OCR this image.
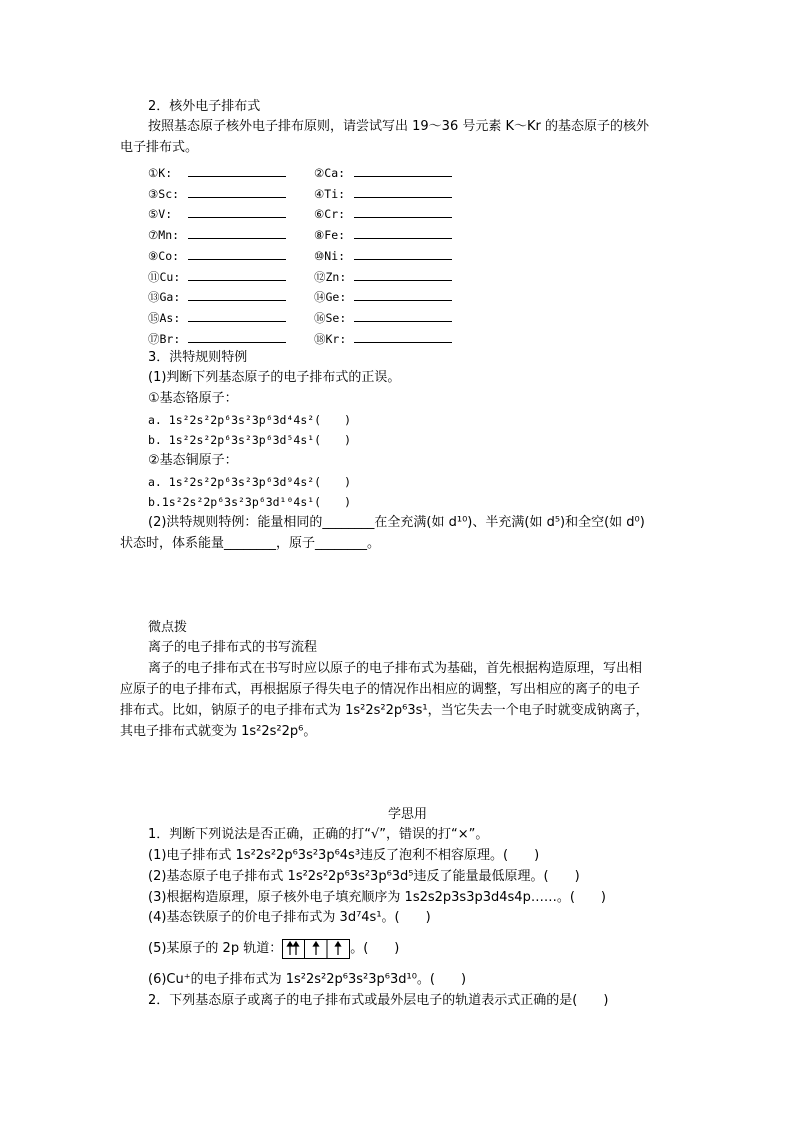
2．核外电子排布式
按照基态原子核外电子排布原则，请尝试写出 19～36 号元素 K～Kr 的基态原子的核外
电子排布式。
①K:	②Ca:
③Sc:	④Ti:
⑤V:	⑥Cr:
⑦Mn:	⑧Fe:
⑨Co:	⑩Ni:
⑪Cu:	⑫Zn:
⑬Ga:	⑭Ge:
⑮As:	⑯Se:
⑰Br:	⑱Kr:
3．洪特规则特例
(1)判断下列基态原子的电子排布式的正误。
①基态铬原子：
a. 1s²2s²2p⁶3s²3p⁶3d⁴4s²(　　)
b. 1s²2s²2p⁶3s²3p⁶3d⁵4s¹(　　)
②基态铜原子：
a. 1s²2s²2p⁶3s²3p⁶3d⁹4s²(　　)
b.1s²2s²2p⁶3s²3p⁶3d¹⁰4s¹(　　)
(2)洪特规则特例：能量相同的________在全充满(如 d¹⁰)、半充满(如 d⁵)和全空(如 d⁰)
状态时，体系能量________，原子________。
微点拨
离子的电子排布式的书写流程
离子的电子排布式在书写时应以原子的电子排布式为基础，首先根据构造原理，写出相
应原子的电子排布式，再根据原子得失电子的情况作出相应的调整，写出相应的离子的电子
排布式。比如，钠原子的电子排布式为 1s²2s²2p⁶3s¹，当它失去一个电子时就变成钠离子，
其电子排布式就变为 1s²2s²2p⁶。
学思用
1．判断下列说法是否正确，正确的打“√”，错误的打“×”。
(1)电子排布式 1s²2s²2p⁶3s²3p⁶4s³违反了泡利不相容原理。(　　)
(2)基态原子电子排布式 1s²2s²2p⁶3s²3p⁶3d⁵违反了能量最低原理。(　　)
(3)根据构造原理，原子核外电子填充顺序为 1s2s2p3s3p3d4s4p……。(　　)
(4)基态铁原子的价电子排布式为 3d⁷4s¹。(　　)
(5)某原子的 2p 轨道：	。(　　)
(6)Cu⁺的电子排布式为 1s²2s²2p⁶3s²3p⁶3d¹⁰。(　　)
2．下列基态原子或离子的电子排布式或最外层电子的轨道表示式正确的是(　　)
